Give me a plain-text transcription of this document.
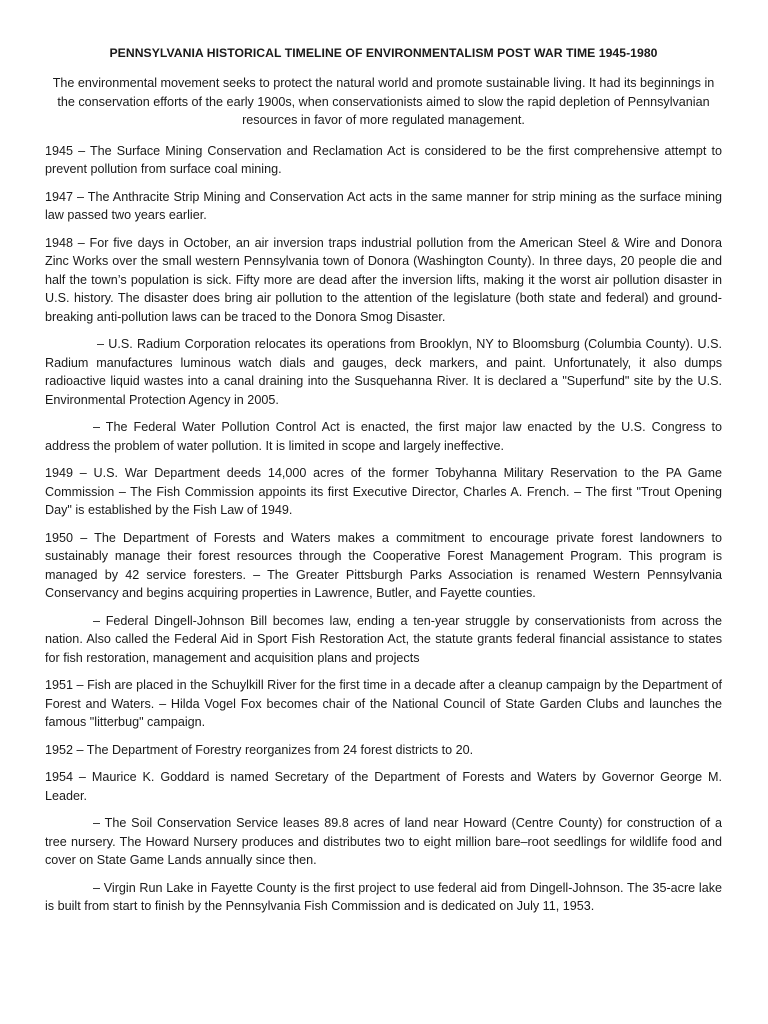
PENNSYLVANIA HISTORICAL TIMELINE OF ENVIRONMENTALISM POST WAR TIME 1945-1980
The environmental movement seeks to protect the natural world and promote sustainable living. It had its beginnings in the conservation efforts of the early 1900s, when conservationists aimed to slow the rapid depletion of Pennsylvanian resources in favor of more regulated management.

1945 – The Surface Mining Conservation and Reclamation Act is considered to be the first comprehensive attempt to prevent pollution from surface coal mining.

1947 – The Anthracite Strip Mining and Conservation Act acts in the same manner for strip mining as the surface mining law passed two years earlier.

1948 – For five days in October, an air inversion traps industrial pollution from the American Steel & Wire and Donora Zinc Works over the small western Pennsylvania town of Donora (Washington County). In three days, 20 people die and half the town’s population is sick. Fifty more are dead after the inversion lifts, making it the worst air pollution disaster in U.S. history. The disaster does bring air pollution to the attention of the legislature (both state and federal) and ground-breaking anti-pollution laws can be traced to the Donora Smog Disaster.

– U.S. Radium Corporation relocates its operations from Brooklyn, NY to Bloomsburg (Columbia County). U.S. Radium manufactures luminous watch dials and gauges, deck markers, and paint. Unfortunately, it also dumps radioactive liquid wastes into a canal draining into the Susquehanna River. It is declared a "Superfund" site by the U.S. Environmental Protection Agency in 2005.

– The Federal Water Pollution Control Act is enacted, the first major law enacted by the U.S. Congress to address the problem of water pollution. It is limited in scope and largely ineffective.

1949 – U.S. War Department deeds 14,000 acres of the former Tobyhanna Military Reservation to the PA Game Commission – The Fish Commission appoints its first Executive Director, Charles A. French. – The first "Trout Opening Day" is established by the Fish Law of 1949.

1950 – The Department of Forests and Waters makes a commitment to encourage private forest landowners to sustainably manage their forest resources through the Cooperative Forest Management Program. This program is managed by 42 service foresters. – The Greater Pittsburgh Parks Association is renamed Western Pennsylvania Conservancy and begins acquiring properties in Lawrence, Butler, and Fayette counties.

– Federal Dingell-Johnson Bill becomes law, ending a ten-year struggle by conservationists from across the nation. Also called the Federal Aid in Sport Fish Restoration Act, the statute grants federal financial assistance to states for fish restoration, management and acquisition plans and projects

1951 – Fish are placed in the Schuylkill River for the first time in a decade after a cleanup campaign by the Department of Forest and Waters. – Hilda Vogel Fox becomes chair of the National Council of State Garden Clubs and launches the famous "litterbug" campaign.

1952 – The Department of Forestry reorganizes from 24 forest districts to 20.

1954 – Maurice K. Goddard is named Secretary of the Department of Forests and Waters by Governor George M. Leader.

– The Soil Conservation Service leases 89.8 acres of land near Howard (Centre County) for construction of a tree nursery. The Howard Nursery produces and distributes two to eight million bare–root seedlings for wildlife food and cover on State Game Lands annually since then.

– Virgin Run Lake in Fayette County is the first project to use federal aid from Dingell-Johnson. The 35-acre lake is built from start to finish by the Pennsylvania Fish Commission and is dedicated on July 11, 1953.
